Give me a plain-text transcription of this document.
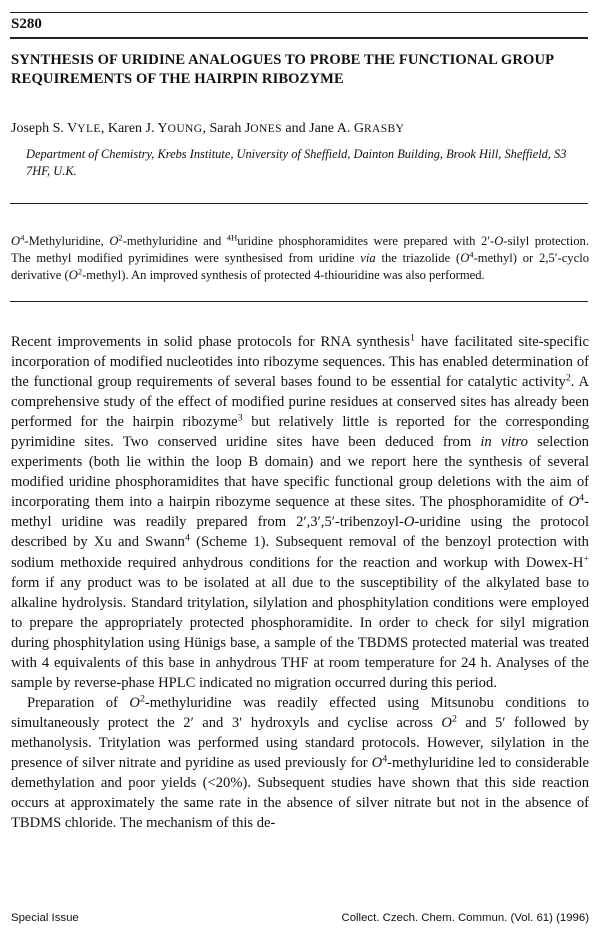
S280
SYNTHESIS OF URIDINE ANALOGUES TO PROBE THE FUNCTIONAL GROUP REQUIREMENTS OF THE HAIRPIN RIBOZYME
Joseph S. VYLE, Karen J. YOUNG, Sarah JONES and Jane A. GRASBY
Department of Chemistry, Krebs Institute, University of Sheffield, Dainton Building, Brook Hill, Sheffield, S3 7HF, U.K.
$O^4$-Methyluridine, $O^2$-methyluridine and $^{4H}$uridine phosphoramidites were prepared with 2′-O-silyl protection. The methyl modified pyrimidines were synthesised from uridine via the triazolide $(O^4-methyl)$ or 2,5′-cyclo derivative $(O^2-methyl)$. An improved synthesis of protected 4-thiouridine was also performed.

Recent improvements in solid phase protocols for RNA synthesis$^1$ have facilitated site-specific incorporation of modified nucleotides into ribozyme sequences. This has enabled determination of the functional group requirements of several bases found to be essential for catalytic activity$^2$. A comprehensive study of the effect of modified purine residues at conserved sites has already been performed for the hairpin ribozyme$^3$ but relatively little is reported for the corresponding pyrimidine sites. Two conserved uridine sites have been deduced from in vitro selection experiments (both lie within the loop B domain) and we report here the synthesis of several modified uridine phosphoramidites that have specific functional group deletions with the aim of incorporating them into a hairpin ribozyme sequence at these sites. The phosphoramidite of $O^4$-methyl uridine was readily prepared from 2′,3′,5′-tribenzoyl-O-uridine using the protocol described by Xu and Swann$^4$ (Scheme 1). Subsequent removal of the benzoyl protection with sodium methoxide required anhydrous conditions for the reaction and workup with Dowex-H+ form if any product was to be isolated at all due to the susceptibility of the alkylated base to alkaline hydrolysis. Standard tritylation, silylation and phosphitylation conditions were employed to prepare the appropriately protected phosphoramidite. In order to check for silyl migration during phosphitylation using Hünigs base, a sample of the TBDMS protected material was treated with 4 equivalents of this base in anhydrous THF at room temperature for 24 h. Analyses of the sample by reverse-phase HPLC indicated no migration occurred during this period.

Preparation of $O^2$-methyluridine was readily effected using Mitsunobu conditions to simultaneously protect the 2′ and 3′ hydroxyls and cyclise across $O^2$ and 5′ followed by methanolysis. Tritylation was performed using standard protocols. However, silylation in the presence of silver nitrate and pyridine as used previously for $O^4$-methyluridine led to considerable demethylation and poor yields (<20%). Subsequent studies have shown that this side reaction occurs at approximately the same rate in the absence of silver nitrate but not in the absence of TBDMS chloride. The mechanism of this de-

Special Issue	Collect. Czech. Chem. Commun. (Vol. 61) (1996)
